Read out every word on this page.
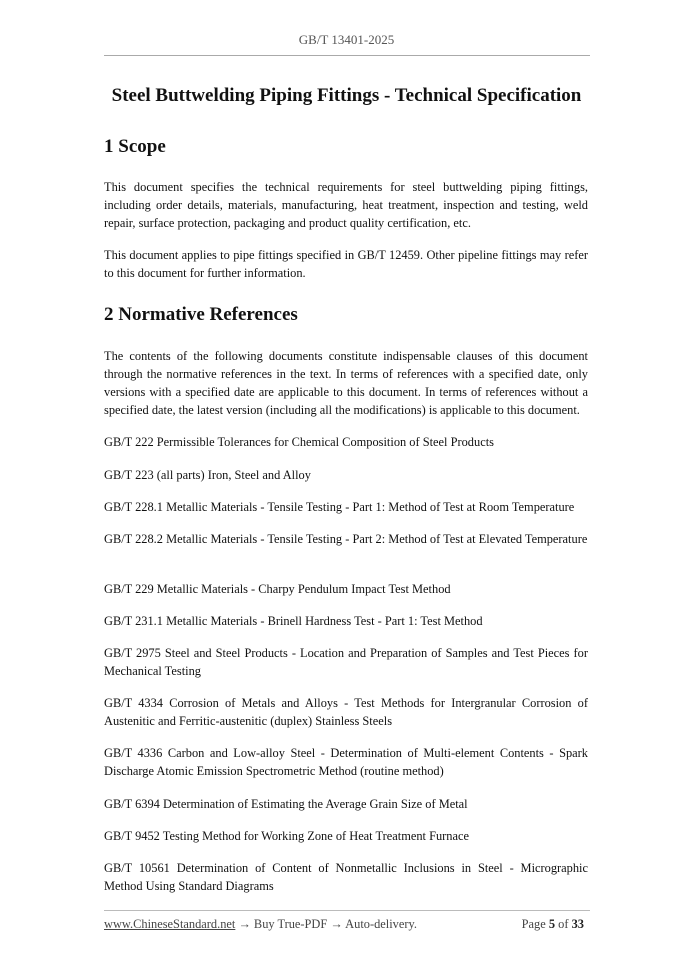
GB/T 13401-2025
Steel Buttwelding Piping Fittings - Technical Specification
1 Scope
This document specifies the technical requirements for steel buttwelding piping fittings, including order details, materials, manufacturing, heat treatment, inspection and testing, weld repair, surface protection, packaging and product quality certification, etc.
This document applies to pipe fittings specified in GB/T 12459. Other pipeline fittings may refer to this document for further information.
2 Normative References
The contents of the following documents constitute indispensable clauses of this document through the normative references in the text. In terms of references with a specified date, only versions with a specified date are applicable to this document. In terms of references without a specified date, the latest version (including all the modifications) is applicable to this document.
GB/T 222 Permissible Tolerances for Chemical Composition of Steel Products
GB/T 223 (all parts) Iron, Steel and Alloy
GB/T 228.1 Metallic Materials - Tensile Testing - Part 1: Method of Test at Room Temperature
GB/T 228.2 Metallic Materials - Tensile Testing - Part 2: Method of Test at Elevated Temperature
GB/T 229 Metallic Materials - Charpy Pendulum Impact Test Method
GB/T 231.1 Metallic Materials - Brinell Hardness Test - Part 1: Test Method
GB/T 2975 Steel and Steel Products - Location and Preparation of Samples and Test Pieces for Mechanical Testing
GB/T 4334 Corrosion of Metals and Alloys - Test Methods for Intergranular Corrosion of Austenitic and Ferritic-austenitic (duplex) Stainless Steels
GB/T 4336 Carbon and Low-alloy Steel - Determination of Multi-element Contents - Spark Discharge Atomic Emission Spectrometric Method (routine method)
GB/T 6394 Determination of Estimating the Average Grain Size of Metal
GB/T 9452 Testing Method for Working Zone of Heat Treatment Furnace
GB/T 10561 Determination of Content of Nonmetallic Inclusions in Steel - Micrographic Method Using Standard Diagrams
www.ChineseStandard.net → Buy True-PDF → Auto-delivery.	Page 5 of 33
